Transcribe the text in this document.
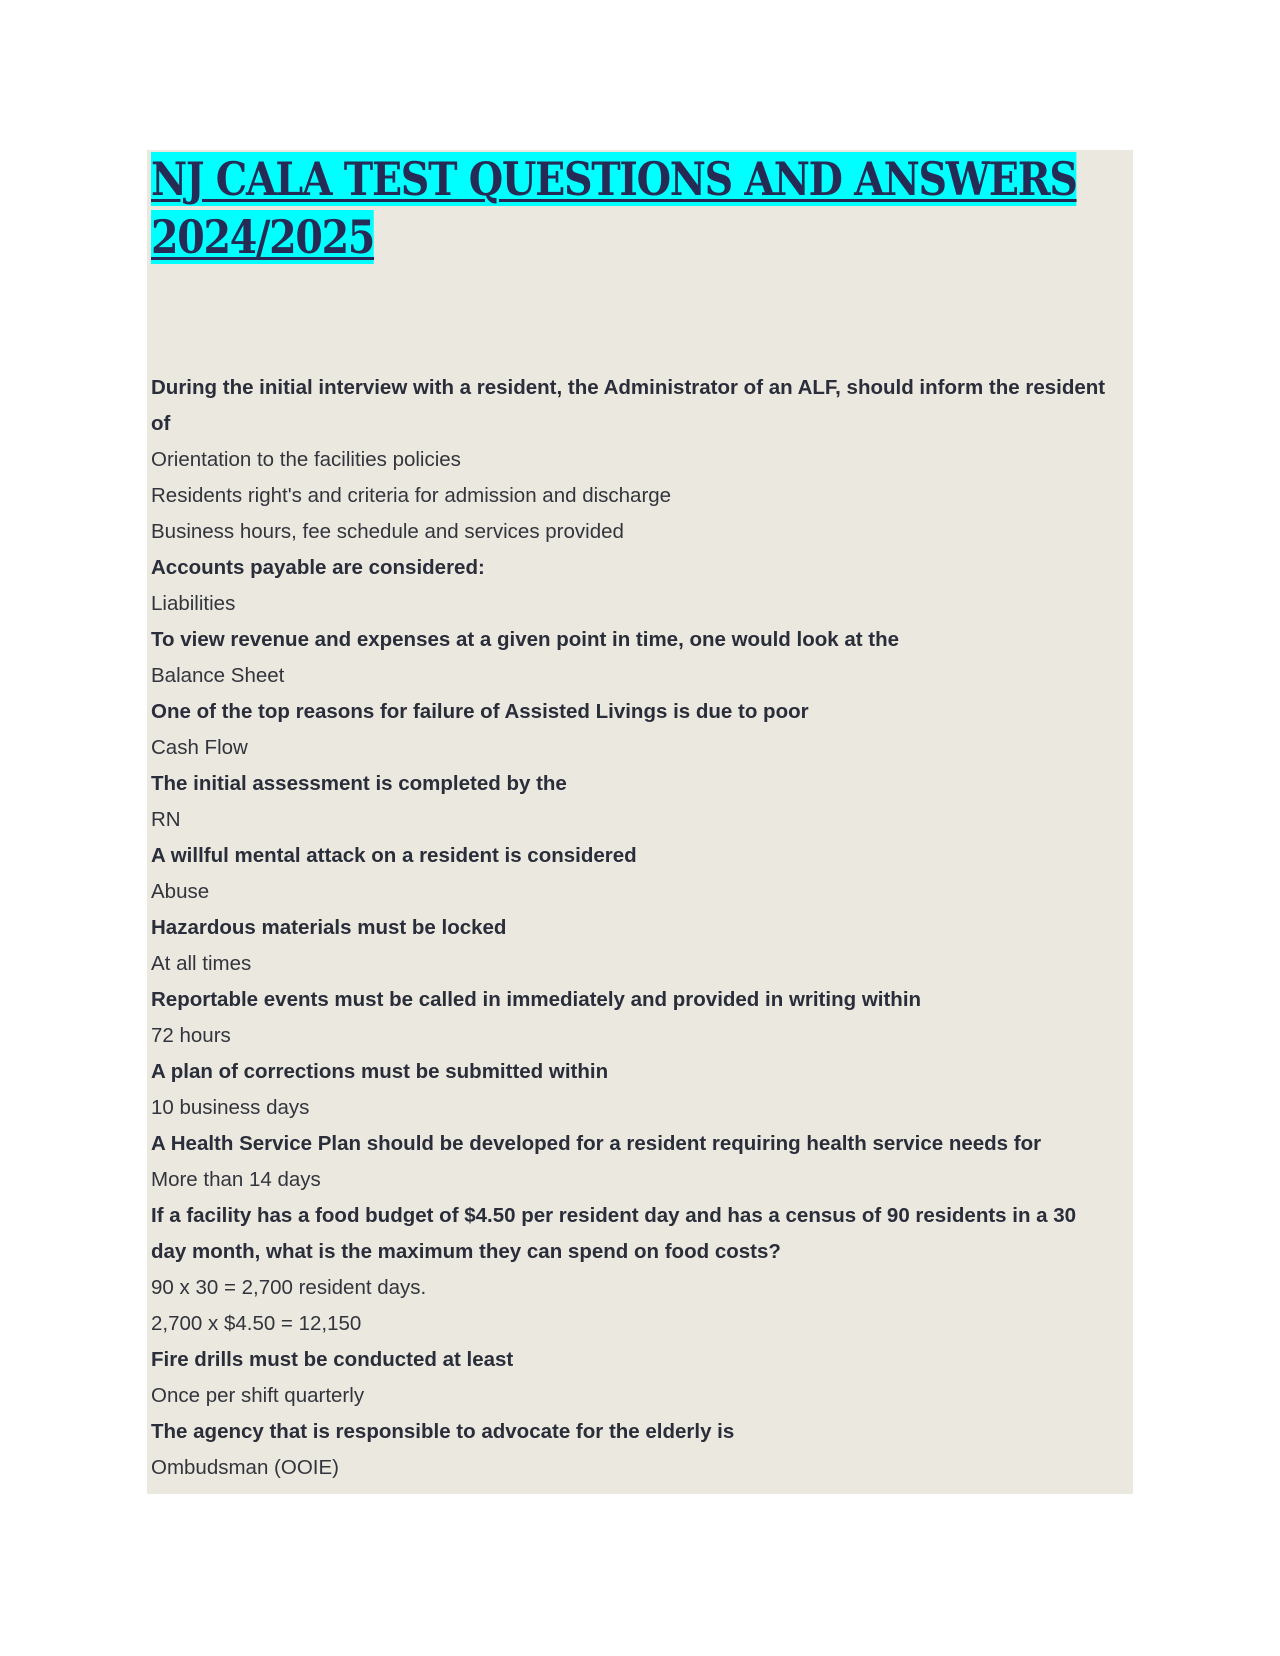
NJ CALA TEST QUESTIONS AND ANSWERS
2024/2025
During the initial interview with a resident, the Administrator of an ALF, should inform the resident
of
Orientation to the facilities policies
Residents right's and criteria for admission and discharge
Business hours, fee schedule and services provided
Accounts payable are considered:
Liabilities
To view revenue and expenses at a given point in time, one would look at the
Balance Sheet
One of the top reasons for failure of Assisted Livings is due to poor
Cash Flow
The initial assessment is completed by the
RN
A willful mental attack on a resident is considered
Abuse
Hazardous materials must be locked
At all times
Reportable events must be called in immediately and provided in writing within
72 hours
A plan of corrections must be submitted within
10 business days
A Health Service Plan should be developed for a resident requiring health service needs for
More than 14 days
If a facility has a food budget of $4.50 per resident day and has a census of 90 residents in a 30
day month, what is the maximum they can spend on food costs?
90 x 30 = 2,700 resident days.
2,700 x $4.50 = 12,150
Fire drills must be conducted at least
Once per shift quarterly
The agency that is responsible to advocate for the elderly is
Ombudsman (OOIE)
